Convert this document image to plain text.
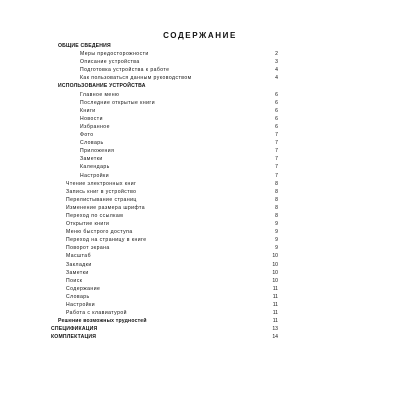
СОДЕРЖАНИЕ
ОБЩИЕ СВЕДЕНИЯ
Меры предосторожности	2
Описание устройства	3
Подготовка устройства к работе	4
Как пользоваться данным руководством	4
ИСПОЛЬЗОВАНИЕ УСТРОЙСТВА
Главное меню	6
Последние открытые книги	6
Книги	6
Новости	6
Избранное	6
Фото	7
Словарь	7
Приложения	7
Заметки	7
Календарь	7
Настройки	7
Чтение электронных книг	8
Запись книг в устройство	8
Перелистывание страниц	8
Изменение размера шрифта	8
Переход по ссылкам	8
Открытие книги	9
Меню быстрого доступа	9
Переход на страницу в книге	9
Поворот экрана	9
Масштаб	10
Закладки	10
Заметки	10
Поиск	10
Содержание	11
Словарь	11
Настройки	11
Работа с клавиатурой	11
Решение возможных трудностей	11
СПЕЦИФИКАЦИЯ	13
КОМПЛЕКТАЦИЯ	14
